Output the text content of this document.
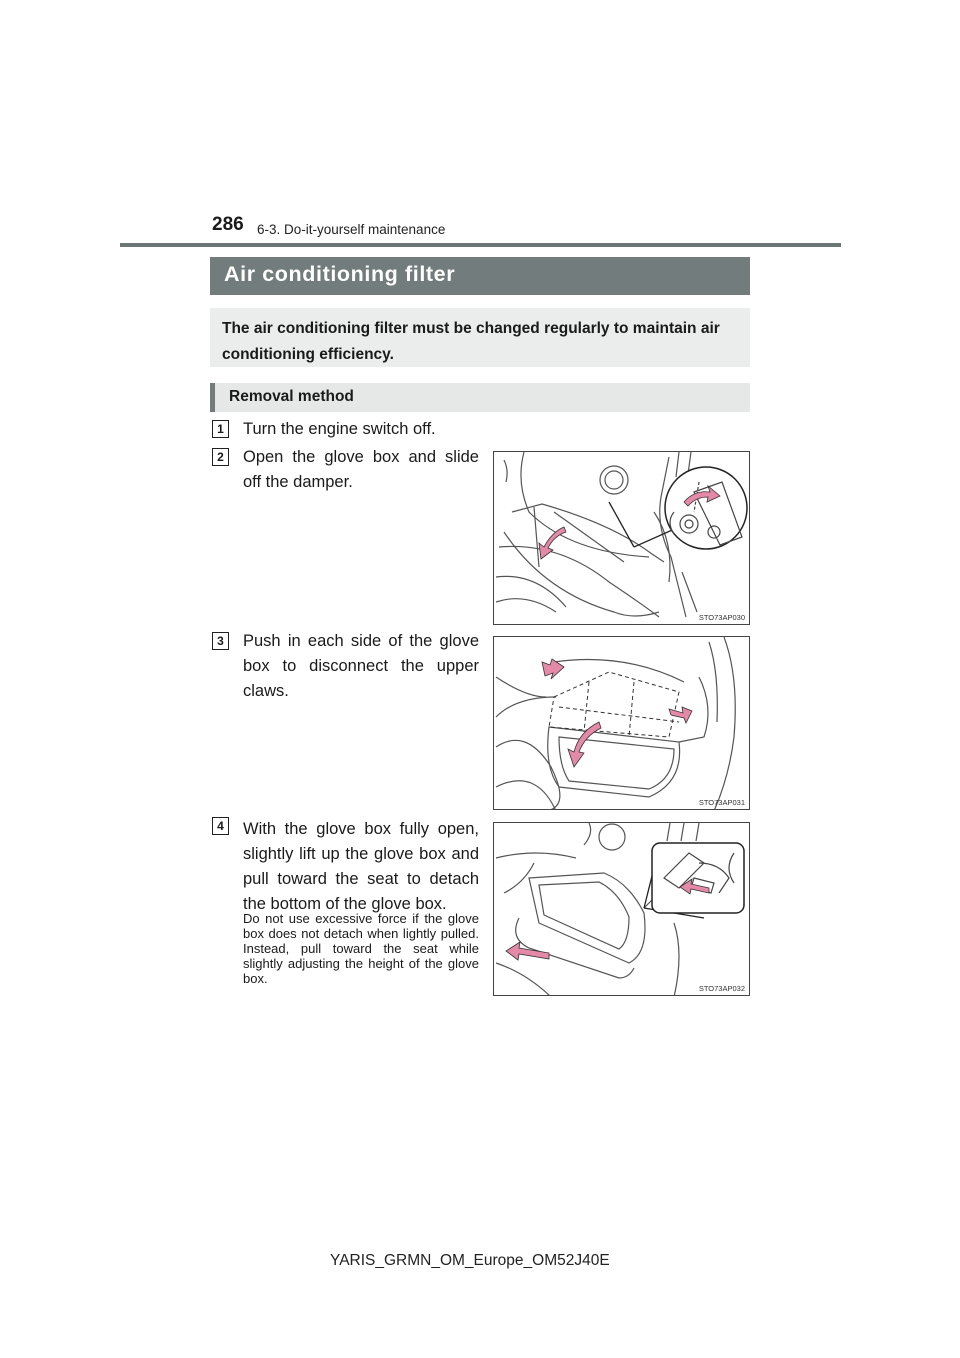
286 6-3. Do-it-yourself maintenance
Air conditioning filter
The air conditioning filter must be changed regularly to maintain air conditioning efficiency.
Removal method
1	Turn the engine switch off.
2	Open the glove box and slide off the damper.
STO73AP030
3	Push in each side of the glove box to disconnect the upper claws.
STO73AP031
4	With the glove box fully open, slightly lift up the glove box and pull toward the seat to detach the bottom of the glove box.
Do not use excessive force if the glove box does not detach when lightly pulled. Instead, pull toward the seat while slightly adjusting the height of the glove box.
STO73AP032
YARIS_GRMN_OM_Europe_OM52J40E
